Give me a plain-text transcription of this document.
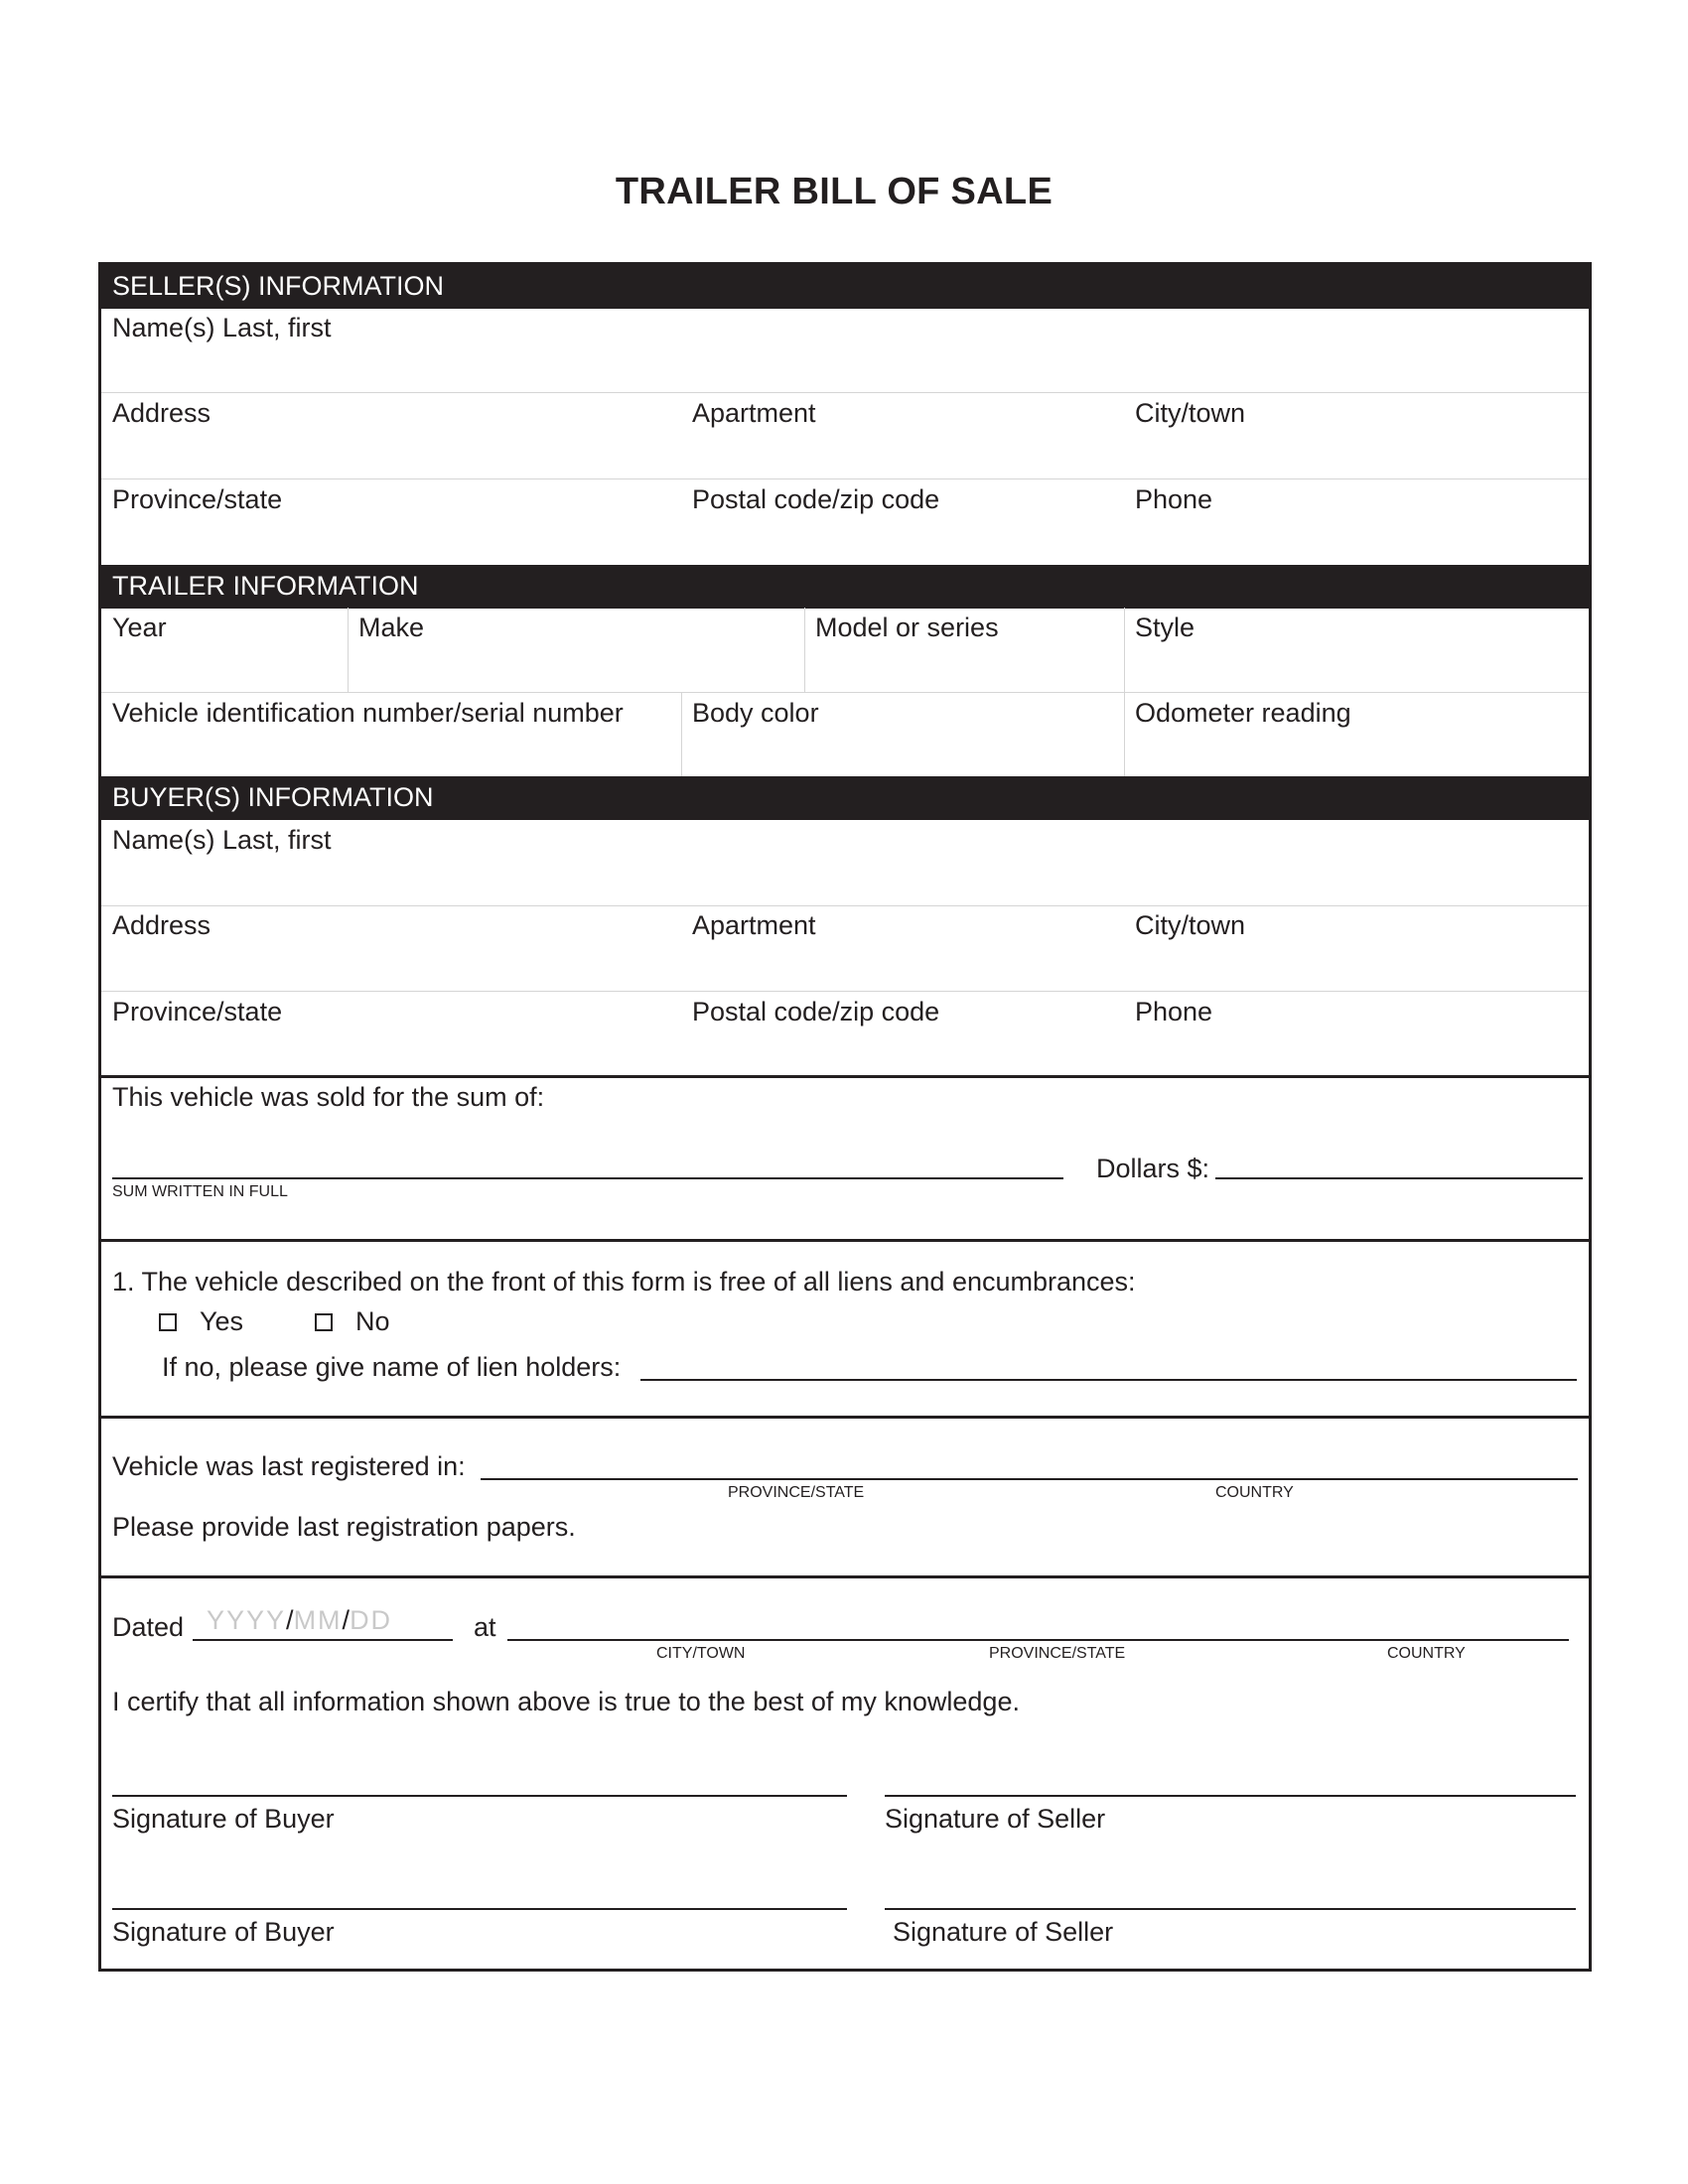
TRAILER BILL OF SALE
SELLER(S) INFORMATION
Name(s) Last, first
Address	Apartment	City/town
Province/state	Postal code/zip code	Phone
TRAILER INFORMATION
Year	Make	Model or series	Style
Vehicle identification number/serial number	Body color	Odometer reading
BUYER(S) INFORMATION
Name(s) Last, first
Address	Apartment	City/town
Province/state	Postal code/zip code	Phone
This vehicle was sold for the sum of:
SUM WRITTEN IN FULL
Dollars $:
1. The vehicle described on the front of this form is free of all liens and encumbrances:
Yes	No
If no, please give name of lien holders:
Vehicle was last registered in:
PROVINCE/STATE	COUNTRY
Please provide last registration papers.
Dated YYYY/MM/DD	at
CITY/TOWN	PROVINCE/STATE	COUNTRY
I certify that all information shown above is true to the best of my knowledge.
Signature of Buyer	Signature of Seller
Signature of Buyer	Signature of Seller
